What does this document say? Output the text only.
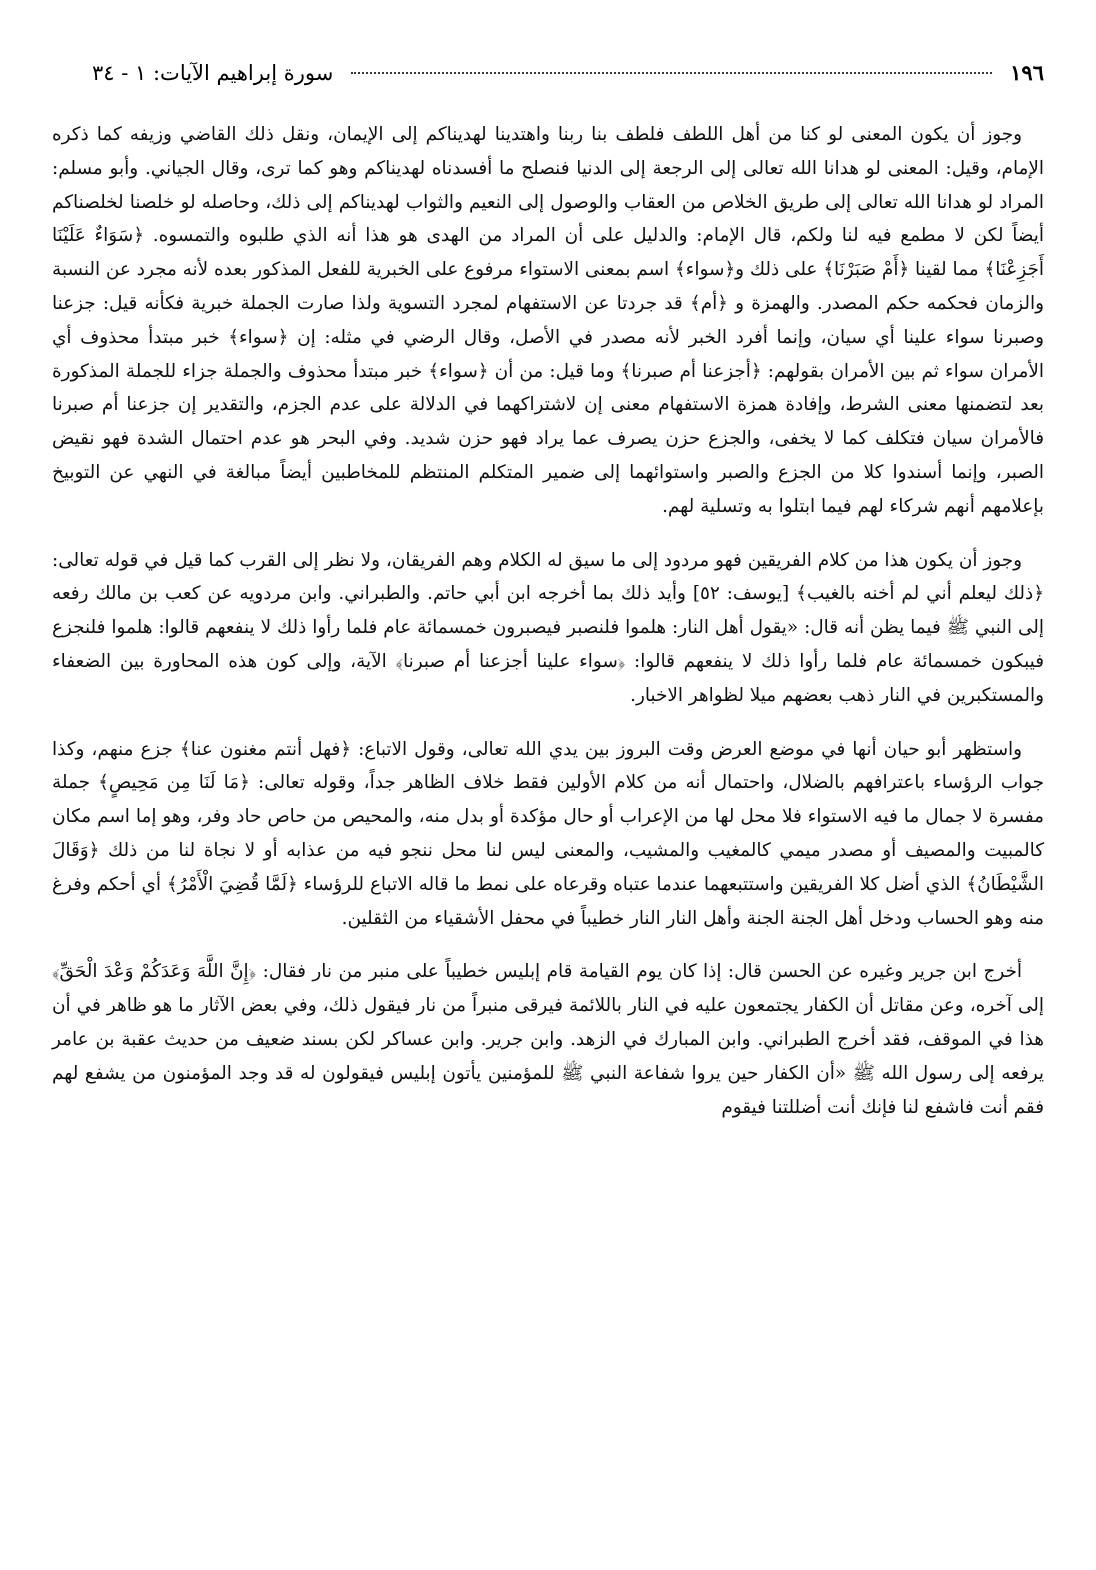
١٩٦
سورة إبراهيم الآيات: ١ - ٣٤

وجوز أن يكون المعنى لو كنا من أهل اللطف فلطف بنا ربنا واهتدينا لهديناكم إلى الإيمان، ونقل ذلك القاضي وزيفه كما ذكره الإمام، وقيل: المعنى لو هدانا الله تعالى إلى الرجعة إلى الدنيا فنصلح ما أفسدناه لهديناكم وهو كما ترى، وقال الجياني. وأبو مسلم: المراد لو هدانا الله تعالى إلى طريق الخلاص من العقاب والوصول إلى النعيم والثواب لهديناكم إلى ذلك، وحاصله لو خلصنا لخلصناكم أيضاً لكن لا مطمع فيه لنا ولكم، قال الإمام: والدليل على أن المراد من الهدى هو هذا أنه الذي طلبوه والتمسوه. ﴿سَوَاءٌ عَلَيْنَا أَجَزِعْنَا﴾ مما لقينا ﴿أَمْ صَبَرْنَا﴾ على ذلك و﴿سواء﴾ اسم بمعنى الاستواء مرفوع على الخبرية للفعل المذكور بعده لأنه مجرد عن النسبة والزمان فحكمه حكم المصدر. والهمزة و ﴿أم﴾ قد جردتا عن الاستفهام لمجرد التسوية ولذا صارت الجملة خبرية فكأنه قيل: جزعنا وصبرنا سواء علينا أي سيان، وإنما أفرد الخبر لأنه مصدر في الأصل، وقال الرضي في مثله: إن ﴿سواء﴾ خبر مبتدأ محذوف أي الأمران سواء ثم بين الأمران بقولهم: ﴿أجزعنا أم صبرنا﴾ وما قيل: من أن ﴿سواء﴾ خبر مبتدأ محذوف والجملة جزاء للجملة المذكورة بعد لتضمنها معنى الشرط، وإفادة همزة الاستفهام معنى إن لاشتراكهما في الدلالة على عدم الجزم، والتقدير إن جزعنا أم صبرنا فالأمران سيان فتكلف كما لا يخفى، والجزع حزن يصرف عما يراد فهو حزن شديد. وفي البحر هو عدم احتمال الشدة فهو نقيض الصبر، وإنما أسندوا كلا من الجزع والصبر واستوائهما إلى ضمير المتكلم المنتظم للمخاطبين أيضاً مبالغة في النهي عن التوبيخ بإعلامهم أنهم شركاء لهم فيما ابتلوا به وتسلية لهم.

وجوز أن يكون هذا من كلام الفريقين فهو مردود إلى ما سيق له الكلام وهم الفريقان، ولا نظر إلى القرب كما قيل في قوله تعالى: ﴿ذلك ليعلم أني لم أخنه بالغيب﴾ [يوسف: ٥٢] وأيد ذلك بما أخرجه ابن أبي حاتم. والطبراني. وابن مردويه عن كعب بن مالك رفعه إلى النبي ﷺ فيما يظن أنه قال: «يقول أهل النار: هلموا فلنصبر فيصبرون خمسمائة عام فلما رأوا ذلك لا ينفعهم قالوا: هلموا فلنجزع فيبكون خمسمائة عام فلما رأوا ذلك لا ينفعهم قالوا: ﴿سواء علينا أجزعنا أم صبرنا﴾ الآية، وإلى كون هذه المحاورة بين الضعفاء والمستكبرين في النار ذهب بعضهم ميلا لظواهر الاخبار.

واستظهر أبو حيان أنها في موضع العرض وقت البروز بين يدي الله تعالى، وقول الاتباع: ﴿فهل أنتم مغنون عنا﴾ جزع منهم، وكذا جواب الرؤساء باعترافهم بالضلال، واحتمال أنه من كلام الأولين فقط خلاف الظاهر جداً، وقوله تعالى: ﴿مَا لَنَا مِن مَحِيصٍ﴾ جملة مفسرة لا جمال ما فيه الاستواء فلا محل لها من الإعراب أو حال مؤكدة أو بدل منه، والمحيص من حاص حاد وفر، وهو إما اسم مكان كالمبيت والمصيف أو مصدر ميمي كالمغيب والمشيب، والمعنى ليس لنا محل ننجو فيه من عذابه أو لا نجاة لنا من ذلك ﴿وَقَالَ الشَّيْطَانُ﴾ الذي أضل كلا الفريقين واستتبعهما عندما عتباه وقرعاه على نمط ما قاله الاتباع للرؤساء ﴿لَمَّا قُضِيَ الْأَمْرُ﴾ أي أحكم وفرغ منه وهو الحساب ودخل أهل الجنة الجنة وأهل النار النار خطيباً في محفل الأشقياء من الثقلين.

أخرج ابن جرير وغيره عن الحسن قال: إذا كان يوم القيامة قام إبليس خطيباً على منبر من نار فقال: ﴿إِنَّ اللَّهَ وَعَدَكُمْ وَعْدَ الْحَقِّ﴾ إلى آخره، وعن مقاتل أن الكفار يجتمعون عليه في النار باللائمة فيرقى منبراً من نار فيقول ذلك، وفي بعض الآثار ما هو ظاهر في أن هذا في الموقف، فقد أخرج الطبراني. وابن المبارك في الزهد. وابن جرير. وابن عساكر لكن بسند ضعيف من حديث عقبة بن عامر يرفعه إلى رسول الله ﷺ «أن الكفار حين يروا شفاعة النبي ﷺ للمؤمنين يأتون إبليس فيقولون له قد وجد المؤمنون من يشفع لهم فقم أنت فاشفع لنا فإنك أنت أضللتنا فيقوم
